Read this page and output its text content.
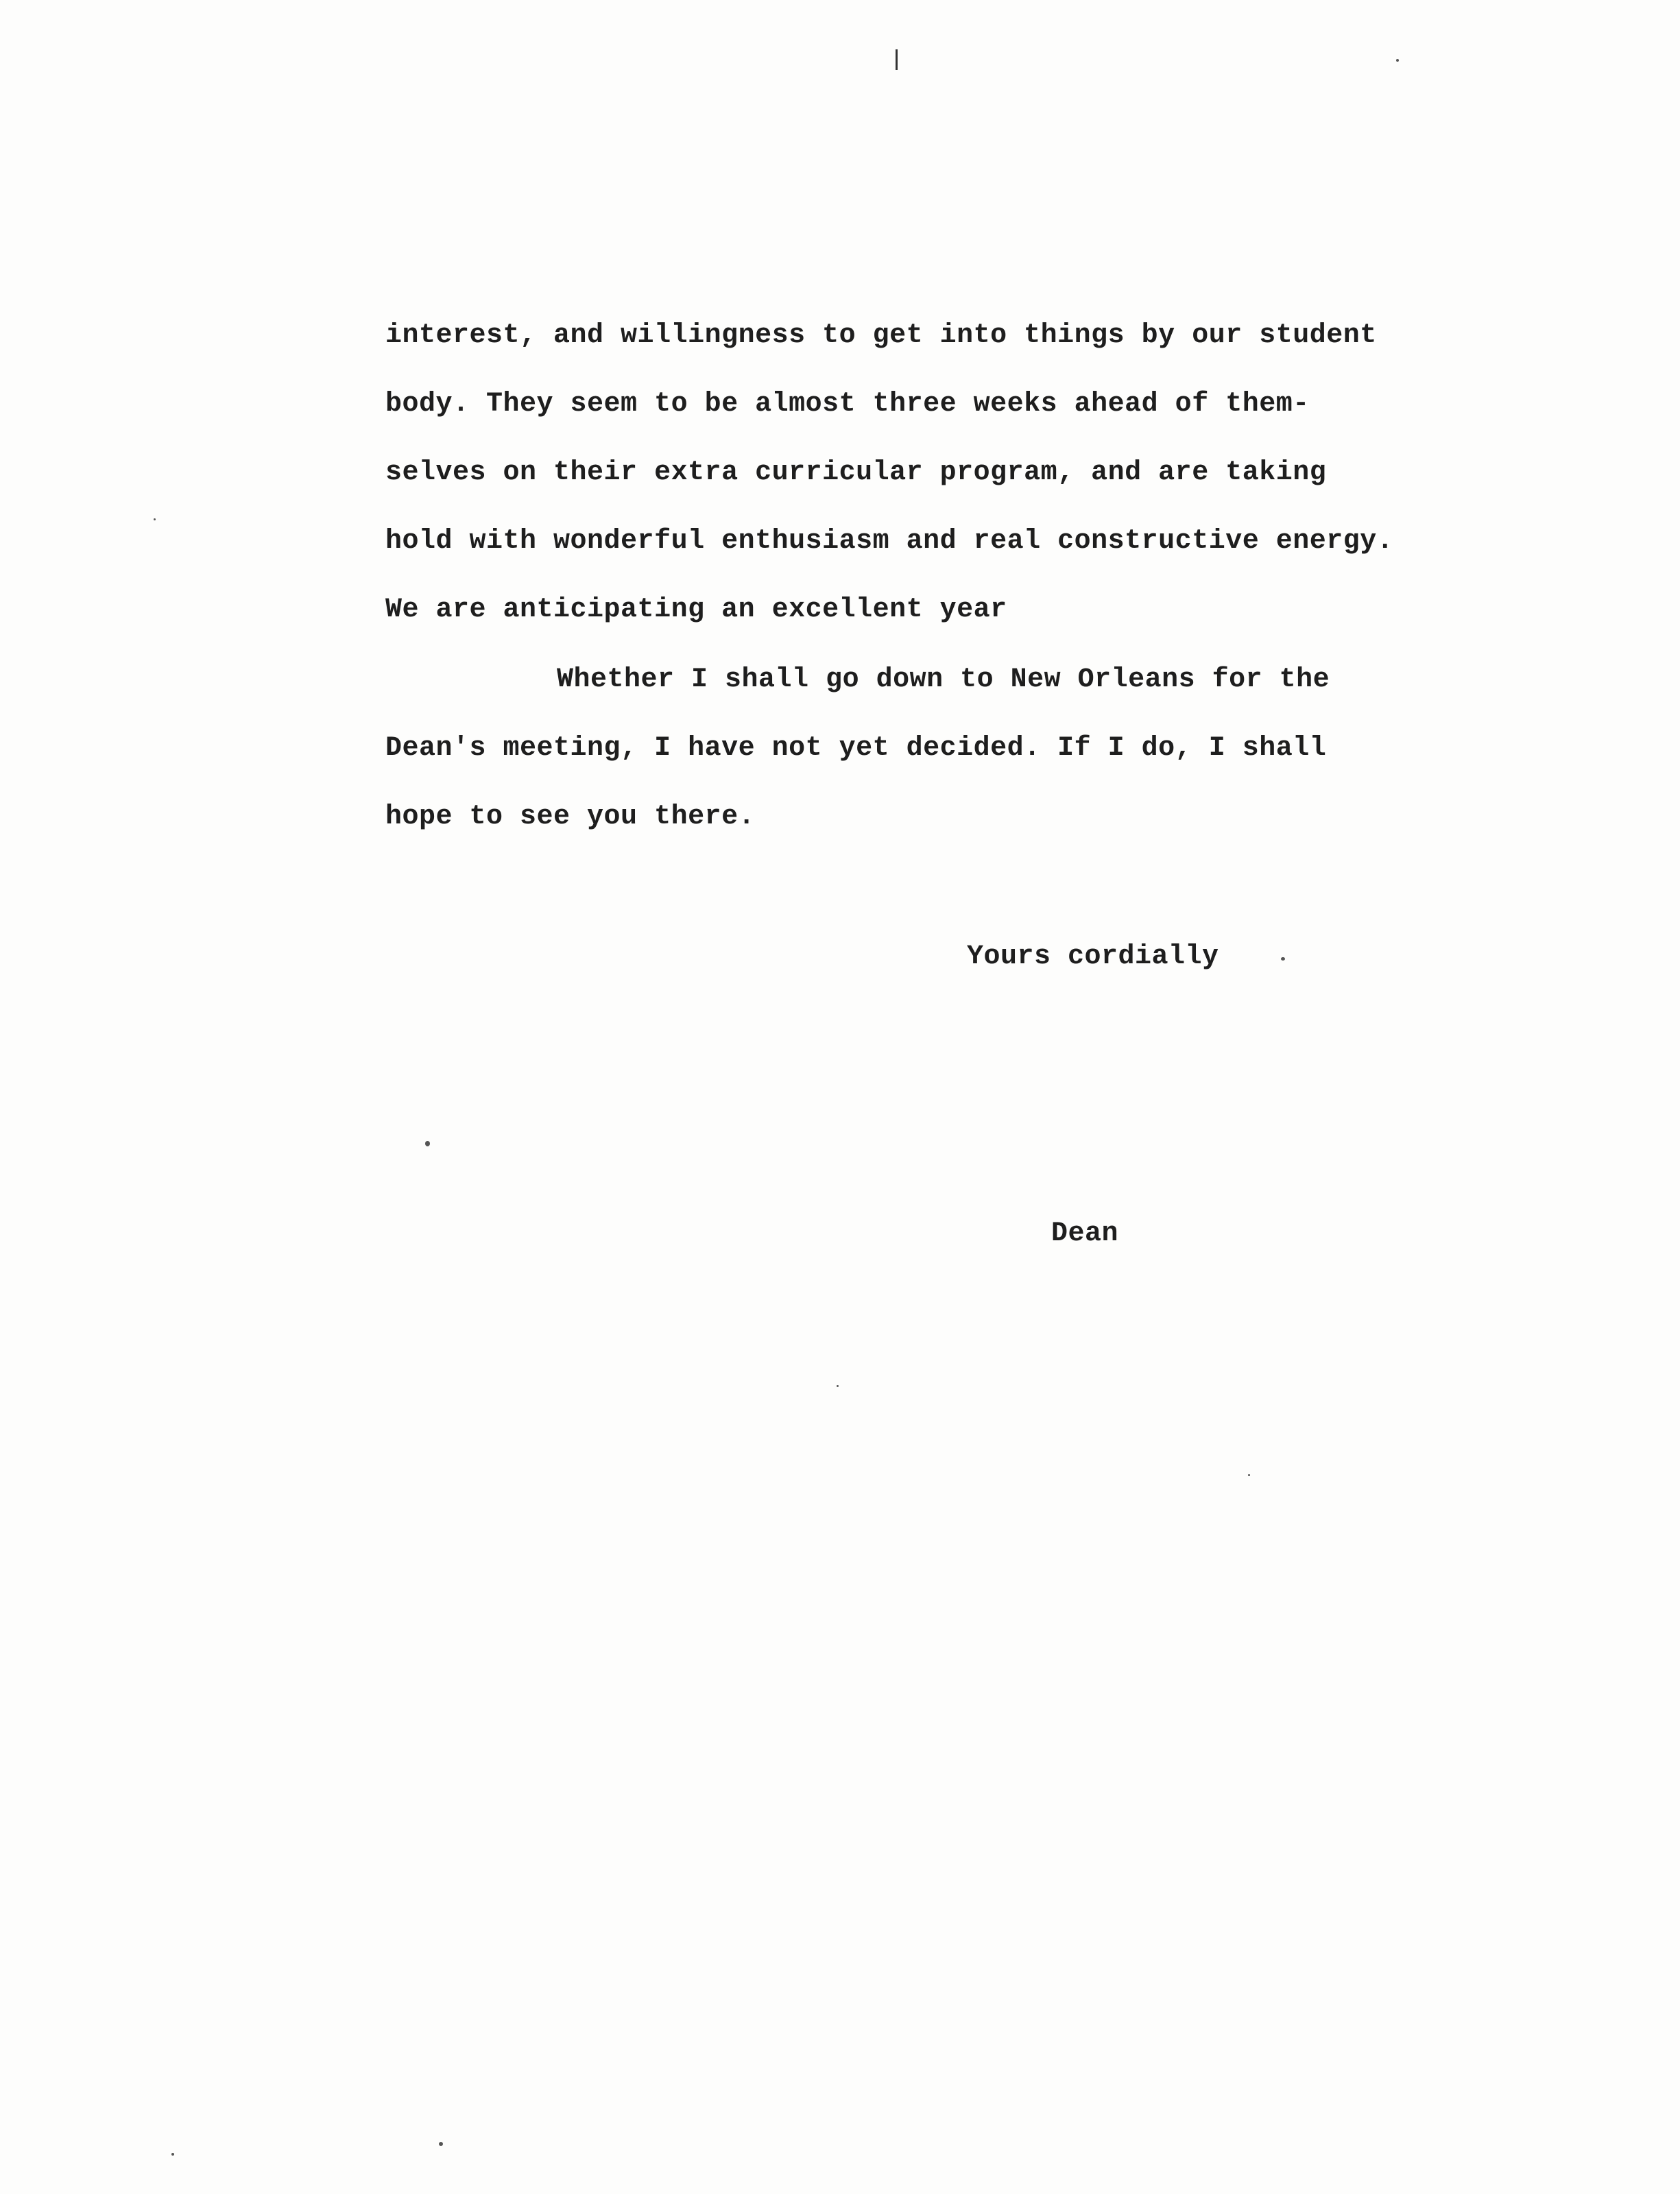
interest, and willingness to get into things by our student
body. They seem to be almost three weeks ahead of them-
selves on their extra curricular program, and are taking
hold with wonderful enthusiasm and real constructive energy.
We are anticipating an excellent year
Whether I shall go down to New Orleans for the
Dean's meeting, I have not yet decided. If I do, I shall
hope to see you there.
Yours cordially
Dean
